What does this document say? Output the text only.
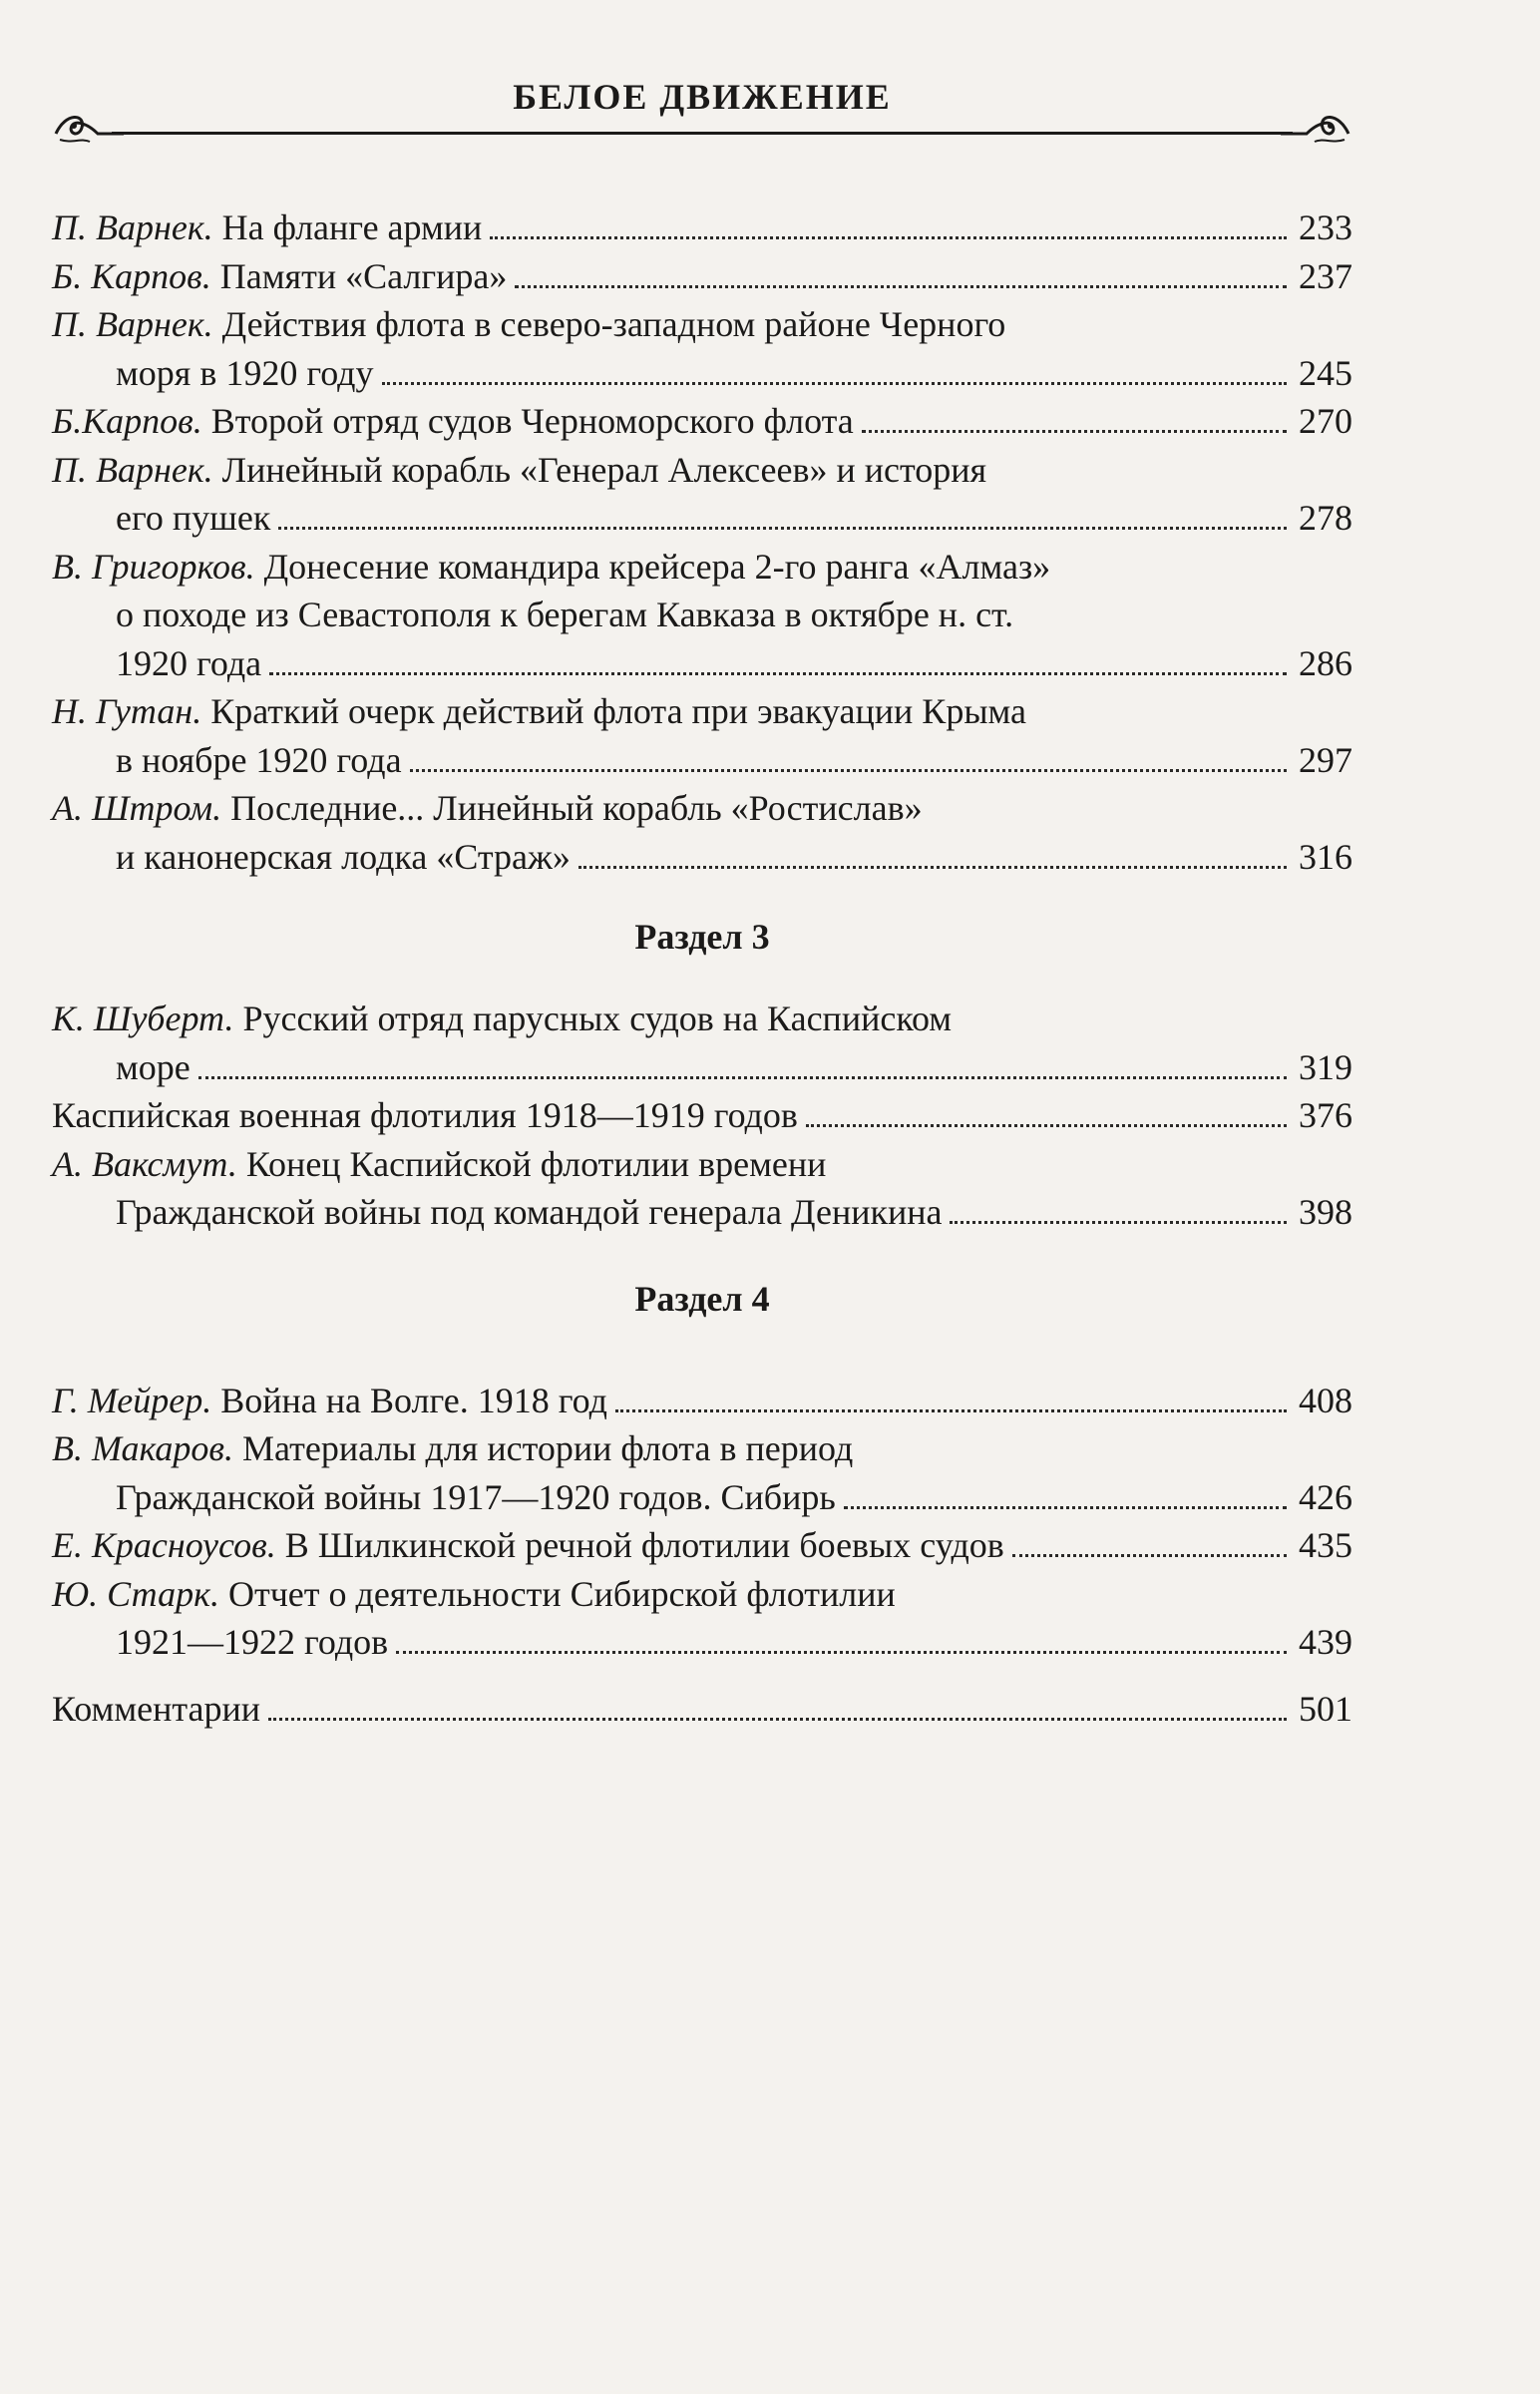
БЕЛОЕ ДВИЖЕНИЕ
П. Варнек.
На фланге армии	233
Б. Карпов.
Памяти «Салгира»	237
П. Варнек.
Действия флота в северо-западном районе Черного
моря в 1920 году	245
Б.Карпов.
Второй отряд судов Черноморского флота	270
П. Варнек.
Линейный корабль «Генерал Алексеев» и история
его пушек	278
В. Григорков.
Донесение командира крейсера 2-го ранга «Алмаз»
о походе из Севастополя к берегам Кавказа в октябре н. ст.
1920 года	286
Н. Гутан.
Краткий очерк действий флота при эвакуации Крыма
в ноябре 1920 года	297
А. Штром.
Последние... Линейный корабль «Ростислав»
и канонерская лодка «Страж»	316
Раздел 3
К. Шуберт.
Русский отряд парусных судов на Каспийском
море	319
Каспийская военная флотилия 1918—1919 годов	376
А. Ваксмут.
Конец Каспийской флотилии времени
Гражданской войны под командой генерала Деникина	398
Раздел 4
Г. Мейрер.
Война на Волге. 1918 год	408
В. Макаров.
Материалы для истории флота в период
Гражданской войны 1917—1920 годов. Сибирь	426
Е. Красноусов.
В Шилкинской речной флотилии боевых судов	435
Ю. Старк.
Отчет о деятельности Сибирской флотилии
1921—1922 годов	439
Комментарии	501
